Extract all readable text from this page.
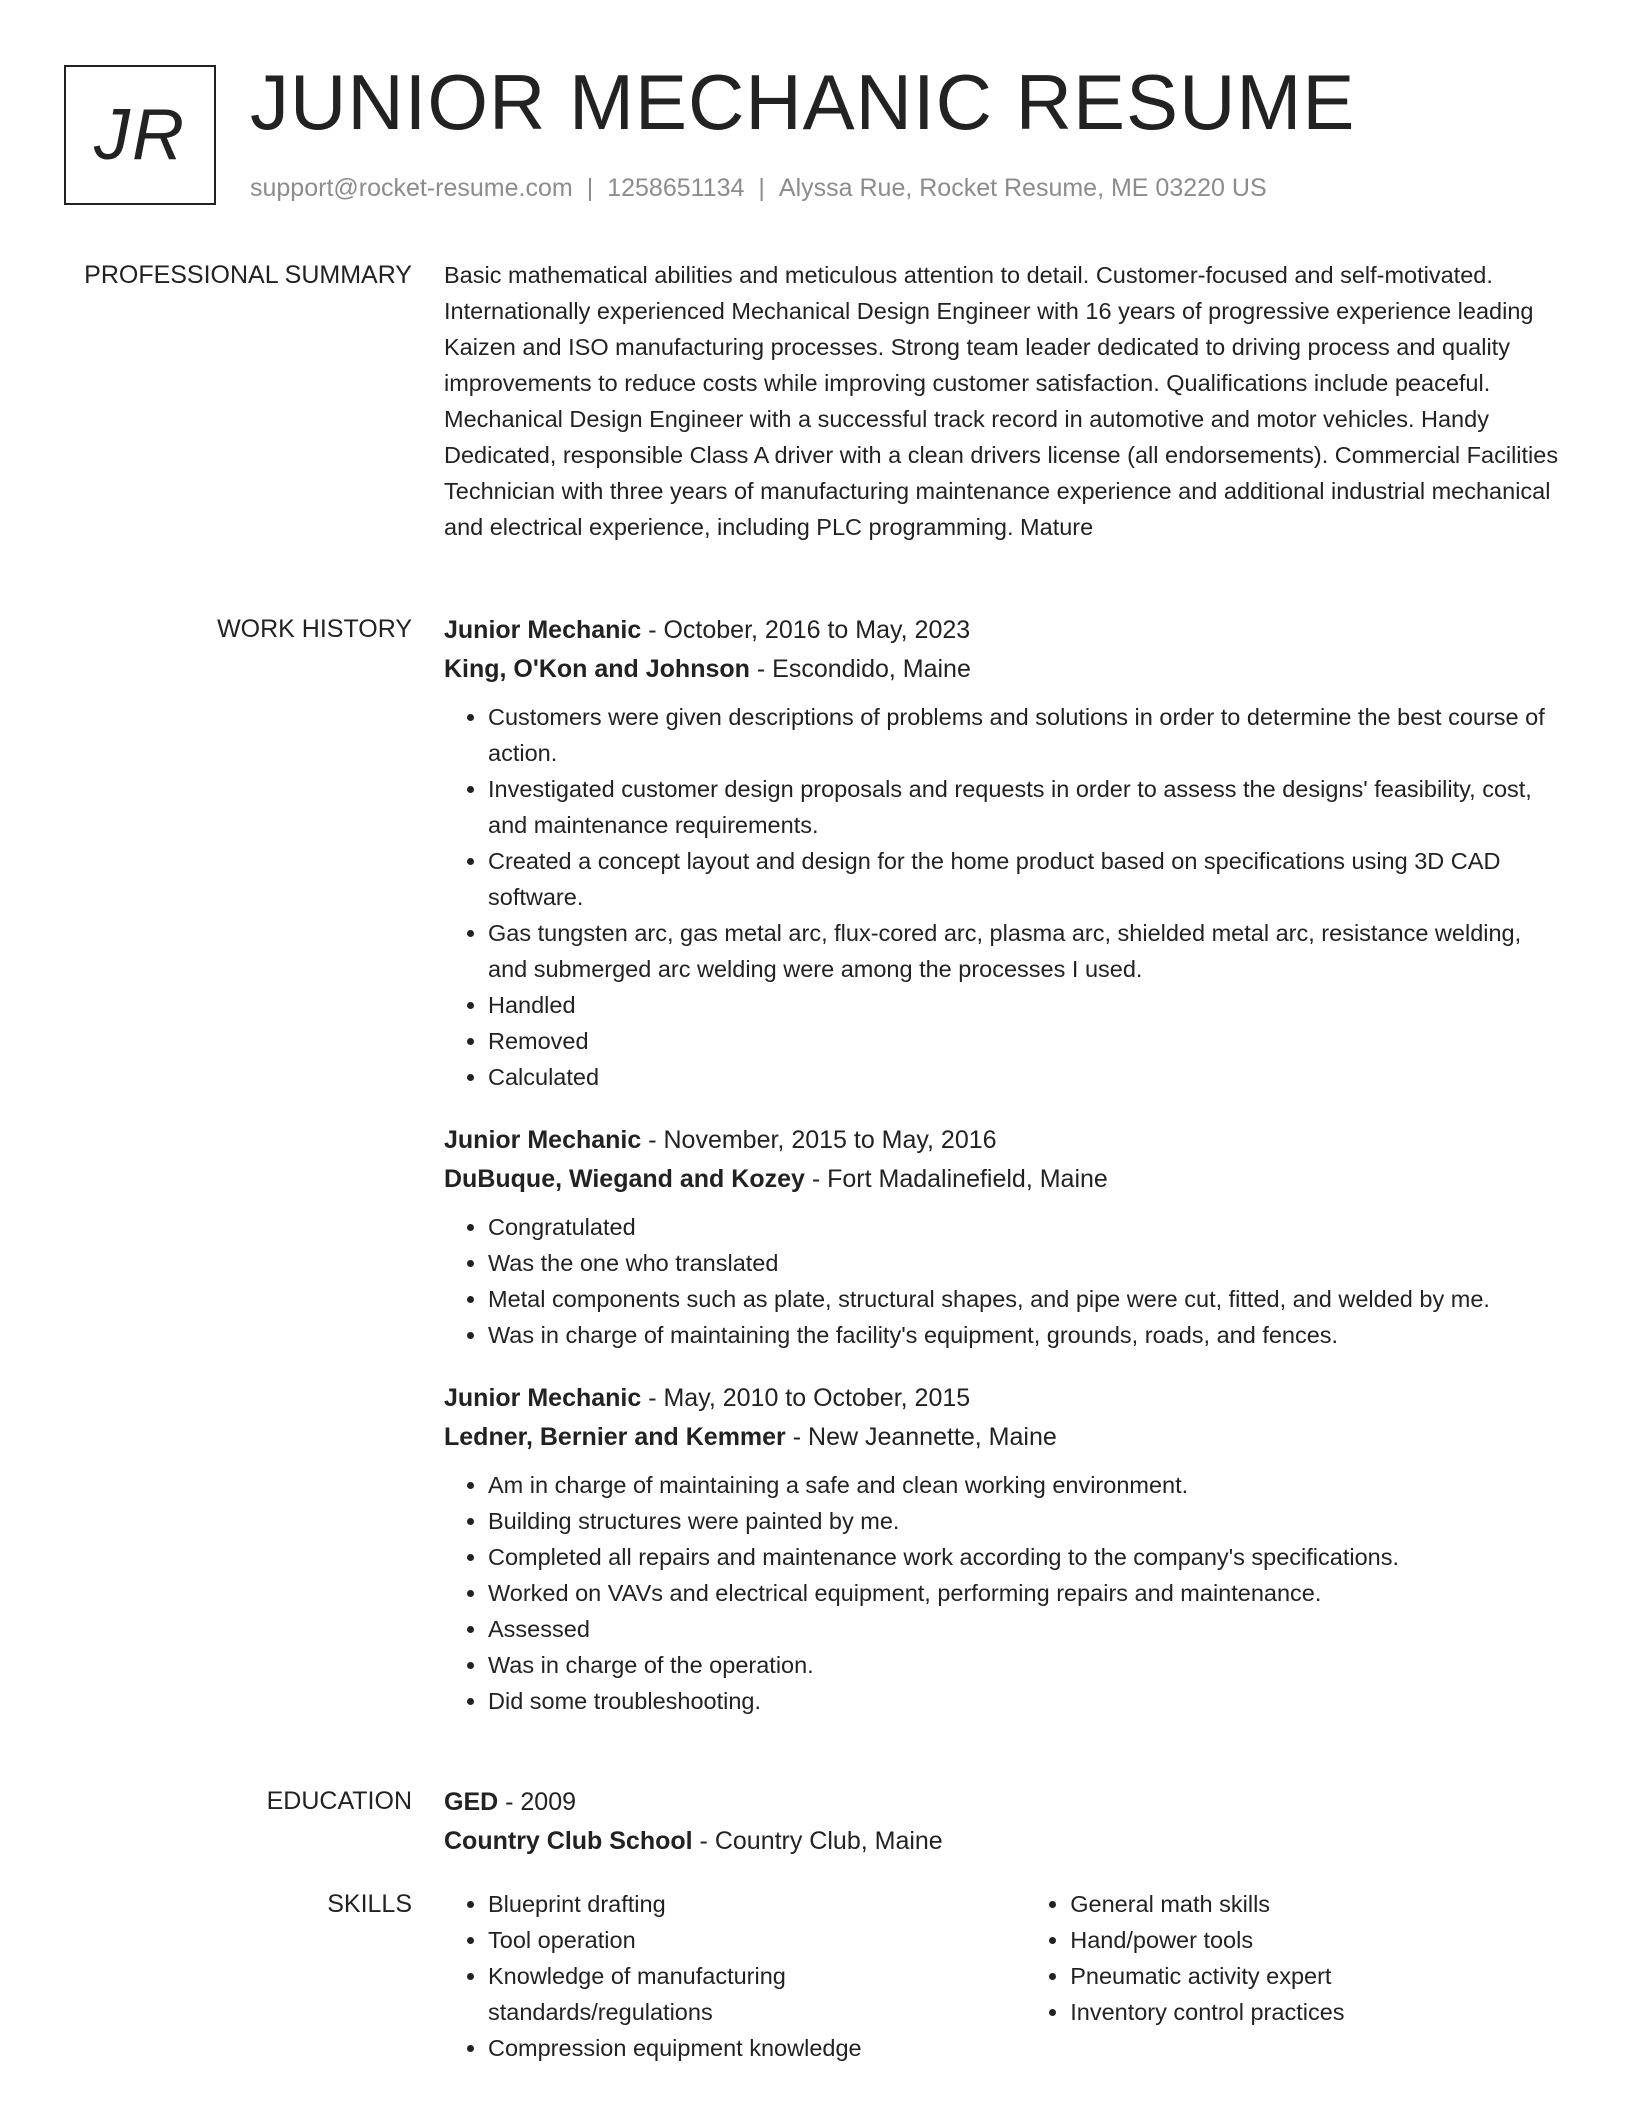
JR JUNIOR MECHANIC RESUME
support@rocket-resume.com | 1258651134 | Alyssa Rue, Rocket Resume, ME 03220 US
PROFESSIONAL SUMMARY Basic mathematical abilities and meticulous attention to detail. Customer-focused and self-motivated. Internationally experienced Mechanical Design Engineer with 16 years of progressive experience leading Kaizen and ISO manufacturing processes. Strong team leader dedicated to driving process and quality improvements to reduce costs while improving customer satisfaction. Qualifications include peaceful. Mechanical Design Engineer with a successful track record in automotive and motor vehicles. Handy Dedicated, responsible Class A driver with a clean drivers license (all endorsements). Commercial Facilities Technician with three years of manufacturing maintenance experience and additional industrial mechanical and electrical experience, including PLC programming. Mature

WORK HISTORY Junior Mechanic - October, 2016 to May, 2023
King, O'Kon and Johnson - Escondido, Maine
• Customers were given descriptions of problems and solutions in order to determine the best course of action.
• Investigated customer design proposals and requests in order to assess the designs' feasibility, cost, and maintenance requirements.
• Created a concept layout and design for the home product based on specifications using 3D CAD software.
• Gas tungsten arc, gas metal arc, flux-cored arc, plasma arc, shielded metal arc, resistance welding, and submerged arc welding were among the processes I used.
• Handled
• Removed
• Calculated
Junior Mechanic - November, 2015 to May, 2016
DuBuque, Wiegand and Kozey - Fort Madalinefield, Maine
• Congratulated
• Was the one who translated
• Metal components such as plate, structural shapes, and pipe were cut, fitted, and welded by me.
• Was in charge of maintaining the facility's equipment, grounds, roads, and fences.
Junior Mechanic - May, 2010 to October, 2015
Ledner, Bernier and Kemmer - New Jeannette, Maine
• Am in charge of maintaining a safe and clean working environment.
• Building structures were painted by me.
• Completed all repairs and maintenance work according to the company's specifications.
• Worked on VAVs and electrical equipment, performing repairs and maintenance.
• Assessed
• Was in charge of the operation.
• Did some troubleshooting.
EDUCATION GED - 2009
Country Club School - Country Club, Maine
SKILLS
•	Blueprint drafting
• Tool operation
• Knowledge of manufacturing standards/regulations
• Compression equipment knowledge
• General math skills
• Hand/power tools
• Pneumatic activity expert
• Inventory control practices
